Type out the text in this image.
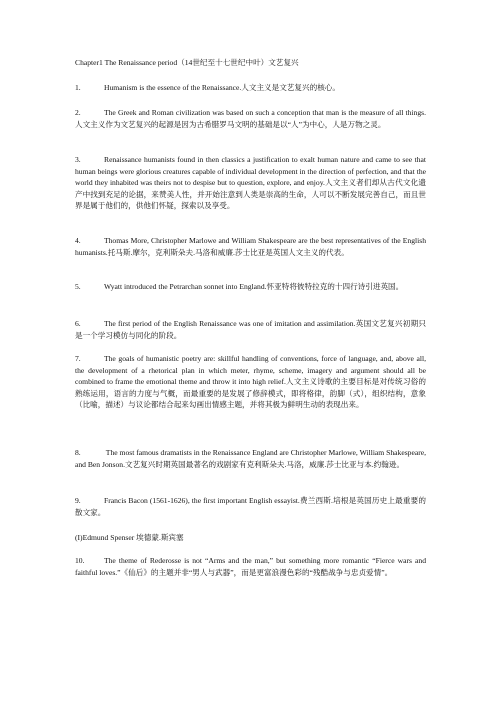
Chapter1 The Renaissance period（14世纪至十七世纪中叶）文艺复兴

1.	Humanism is the essence of the Renaissance.人文主义是文艺复兴的核心。

2.	The Greek and Roman civilization was based on such a conception that man is the measure of all things.人文主义作为文艺复兴的起源是因为古希腊罗马文明的基础是以“人”为中心，人是万物之灵。

3.	Renaissance humanists found in then classics a justification to exalt human nature and came to see that human beings were glorious creatures capable of individual development in the direction of perfection, and that the world they inhabited was theirs not to despise but to question, explore, and enjoy.人文主义者们却从古代文化遗产中找到充足的论据，来赞美人性，并开始注意到人类是崇高的生命，人可以不断发展完善自己，而且世界是属于他们的，供他们怀疑，探索以及享受。

4.	Thomas More, Christopher Marlowe and William Shakespeare are the best representatives of the English humanists.托马斯.摩尔，克利斯朵夫.马洛和威廉.莎士比亚是英国人文主义的代表。

5.	Wyatt introduced the Petrarchan sonnet into England.怀亚特将彼特拉克的十四行诗引进英国。

6.	The first period of the English Renaissance was one of imitation and assimilation.英国文艺复兴初期只是一个学习模仿与同化的阶段。

7.	The goals of humanistic poetry are: skillful handling of conventions, force of language, and, above all, the development of a rhetorical plan in which meter, rhyme, scheme, imagery and argument should all be combined to frame the emotional theme and throw it into high relief.人文主义诗歌的主要目标是对传统习俗的熟练运用，语言的力度与气概，而最重要的是发展了修辞模式，即将格律，韵脚（式），组织结构，意象（比喻，描述）与议论都结合起来勾画出情感主题，并将其极为鲜明生动的表现出来。

8.	The most famous dramatists in the Renaissance England are Christopher Marlowe, William Shakespeare, and Ben Jonson.文艺复兴时期英国最著名的戏剧家有克利斯朵夫.马洛，威廉.莎士比亚与本.约翰逊。

9.	Francis Bacon (1561-1626), the first important English essayist.费兰西斯.培根是英国历史上最重要的散文家。

(I)Edmund Spenser 埃德蒙.斯宾塞

10.	The theme of Rederosse is not “Arms and the man,” but something more romantic “Fierce wars and faithful loves.”《仙后》的主题并非“男人与武器”，而是更富浪漫色彩的“残酷战争与忠贞爱情”。
